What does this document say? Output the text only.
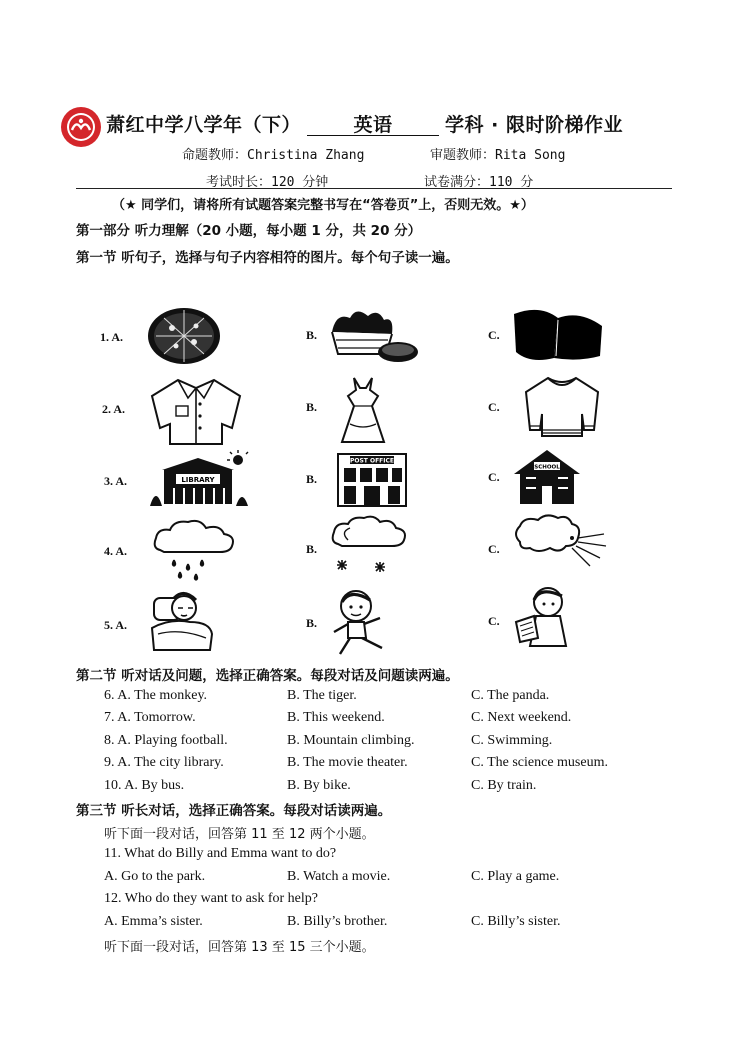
萧红中学八学年（下）	英语	学科 · 限时阶梯作业
命题教师：Christina Zhang	审题教师：Rita Song
考试时长：120 分钟	试卷满分：110 分
（★ 同学们，请将所有试题答案完整书写在“答卷页”上，否则无效。★）
第一部分 听力理解（20 小题，每小题 1 分，共 20 分）
第一节 听句子，选择与句子内容相符的图片。每个句子读一遍。
1. A.	B.	C.
2. A.	B.	C.
3. A.	B.	C.
LIBRARY
POST OFFICE
SCHOOL
4. A.	B.	C.
5. A.	B.	C.
第二节 听对话及问题，选择正确答案。每段对话及问题读两遍。
6. A. The monkey.	B. The tiger.	C. The panda.
7. A. Tomorrow.	B. This weekend.	C. Next weekend.
8. A. Playing football.	B. Mountain climbing.	C. Swimming.
9. A. The city library.	B. The movie theater.	C. The science museum.
10. A. By bus.	B. By bike.	C. By train.
第三节 听长对话，选择正确答案。每段对话读两遍。
听下面一段对话，回答第 11 至 12 两个小题。
11. What do Billy and Emma want to do?
A. Go to the park.	B. Watch a movie.	C. Play a game.
12. Who do they want to ask for help?
A. Emma’s sister.	B. Billy’s brother.	C. Billy’s sister.
听下面一段对话，回答第 13 至 15 三个小题。
